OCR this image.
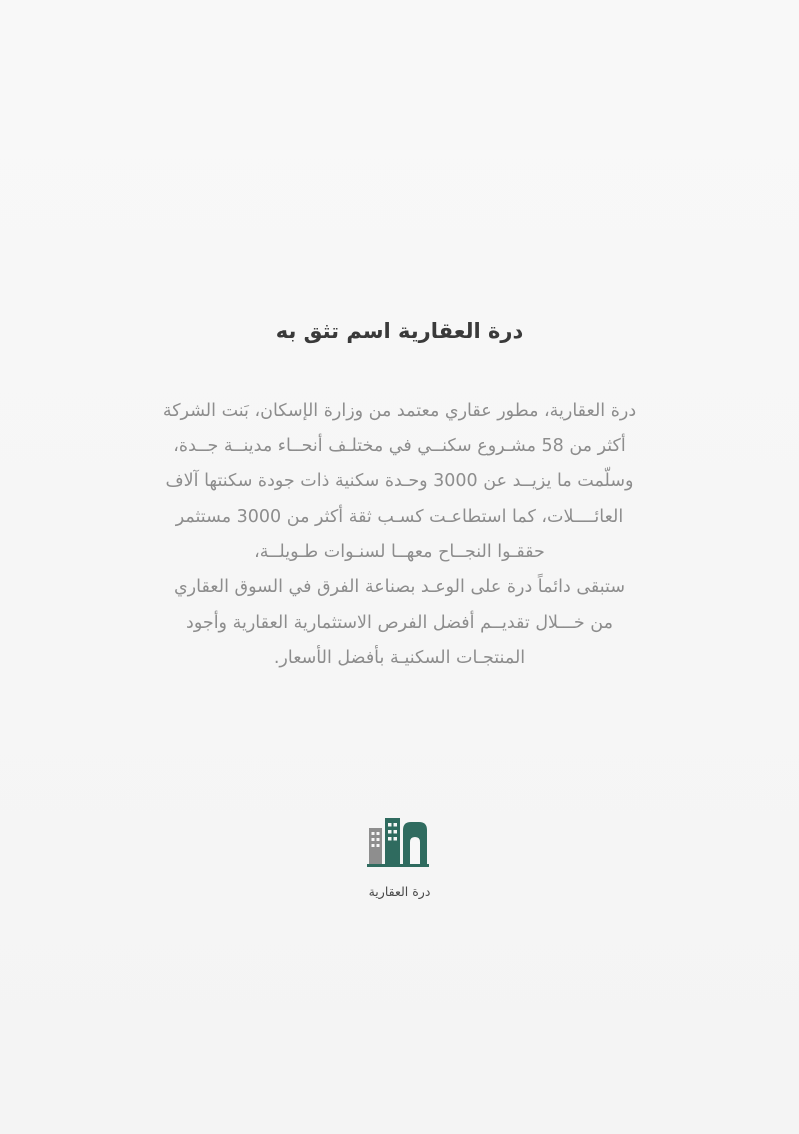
درة العقارية اسم تثق به

درة العقارية، مطور عقاري معتمد من وزارة الإسكان، بَنت الشركة

أكثر من 58 مشـروع سكنــي في مختلـف أنحــاء مدينــة جــدة،

وسلّمت ما يزيــد عن 3000 وحـدة سكنية ذات جودة سكنتها آلاف

العائــــلات، كما استطاعـت كسـب ثقة أكثر من 3000 مستثمر

حققـوا النجــاح معهــا لسنـوات طـويلــة،

ستبقى دائماً درة على الوعـد بصناعة الفرق في السوق العقاري

من خـــلال تقديــم أفضل الفرص الاستثمارية العقارية وأجود

المنتجـات السكنيـة بأفضل الأسعار.

درة العقارية
